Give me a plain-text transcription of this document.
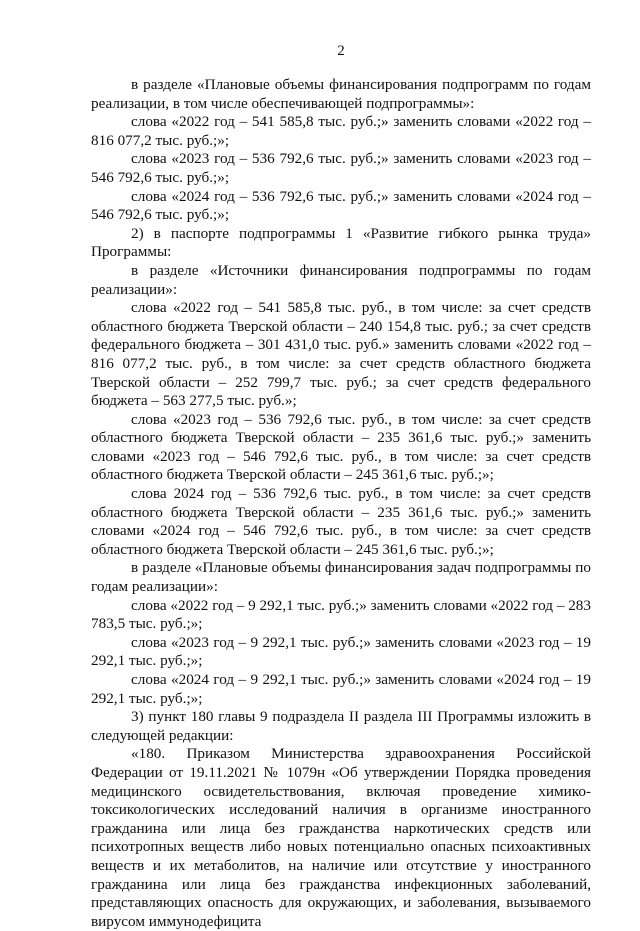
2

в разделе «Плановые объемы финансирования подпрограмм по годам реализации, в том числе обеспечивающей подпрограммы»:

слова «2022 год – 541 585,8 тыс. руб.;» заменить словами «2022 год – 816 077,2 тыс. руб.;»;

слова «2023 год – 536 792,6 тыс. руб.;» заменить словами «2023 год – 546 792,6 тыс. руб.;»;

слова «2024 год – 536 792,6 тыс. руб.;» заменить словами «2024 год – 546 792,6 тыс. руб.;»;

2) в паспорте подпрограммы 1 «Развитие гибкого рынка труда» Программы:

в разделе «Источники финансирования подпрограммы по годам реализации»:

слова «2022 год – 541 585,8 тыс. руб., в том числе: за счет средств областного бюджета Тверской области – 240 154,8 тыс. руб.; за счет средств федерального бюджета – 301 431,0 тыс. руб.» заменить словами «2022 год – 816 077,2 тыс. руб., в том числе: за счет средств областного бюджета Тверской области – 252 799,7 тыс. руб.; за счет средств федерального бюджета – 563 277,5 тыс. руб.»;

слова «2023 год – 536 792,6 тыс. руб., в том числе: за счет средств областного бюджета Тверской области – 235 361,6 тыс. руб.;» заменить словами «2023 год – 546 792,6 тыс. руб., в том числе: за счет средств областного бюджета Тверской области – 245 361,6 тыс. руб.;»;

слова 2024 год – 536 792,6 тыс. руб., в том числе: за счет средств областного бюджета Тверской области – 235 361,6 тыс. руб.;» заменить словами «2024 год – 546 792,6 тыс. руб., в том числе: за счет средств областного бюджета Тверской области – 245 361,6 тыс. руб.;»;

в разделе «Плановые объемы финансирования задач подпрограммы по годам реализации»:

слова «2022 год – 9 292,1 тыс. руб.;» заменить словами «2022 год – 283 783,5 тыс. руб.;»;

слова «2023 год – 9 292,1 тыс. руб.;» заменить словами «2023 год – 19 292,1 тыс. руб.;»;

слова «2024 год – 9 292,1 тыс. руб.;» заменить словами «2024 год – 19 292,1 тыс. руб.;»;

3) пункт 180 главы 9 подраздела II раздела III Программы изложить в следующей редакции:

«180. Приказом Министерства здравоохранения Российской Федерации от 19.11.2021 № 1079н «Об утверждении Порядка проведения медицинского освидетельствования, включая проведение химико-токсикологических исследований наличия в организме иностранного гражданина или лица без гражданства наркотических средств или психотропных веществ либо новых потенциально опасных психоактивных веществ и их метаболитов, на наличие или отсутствие у иностранного гражданина или лица без гражданства инфекционных заболеваний, представляющих опасность для окружающих, и заболевания, вызываемого вирусом иммунодефицита
